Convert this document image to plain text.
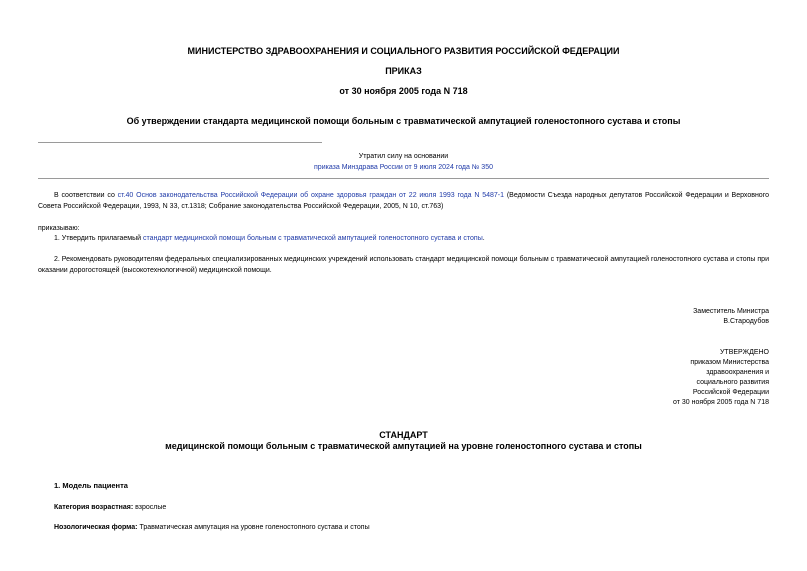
МИНИСТЕРСТВО ЗДРАВООХРАНЕНИЯ И СОЦИАЛЬНОГО РАЗВИТИЯ РОССИЙСКОЙ ФЕДЕРАЦИИ
ПРИКАЗ
от 30 ноября 2005 года N 718
Об утверждении стандарта медицинской помощи больным с травматической ампутацией голеностопного сустава и стопы
Утратил силу на основании
приказа Минздрава России от 9 июля 2024 года № 350
В соответствии со ст.40 Основ законодательства Российской Федерации об охране здоровья граждан от 22 июля 1993 года N 5487-1 (Ведомости Съезда народных депутатов Российской Федерации и Верховного Совета Российской Федерации, 1993, N 33, ст.1318; Собрание законодательства Российской Федерации, 2005, N 10, ст.763)
приказываю:
1. Утвердить прилагаемый стандарт медицинской помощи больным с травматической ампутацией голеностопного сустава и стопы.
2. Рекомендовать руководителям федеральных специализированных медицинских учреждений использовать стандарт медицинской помощи больным с травматической ампутацией голеностопного сустава и стопы при оказании дорогостоящей (высокотехнологичной) медицинской помощи.
Заместитель Министра
В.Стародубов
УТВЕРЖДЕНО
приказом Министерства
здравоохранения и
социального развития
Российской Федерации
от 30 ноября 2005 года N 718
СТАНДАРТ
медицинской помощи больным с травматической ампутацией на уровне голеностопного сустава и стопы
1. Модель пациента
Категория возрастная: взрослые
Нозологическая форма: Травматическая ампутация на уровне голеностопного сустава и стопы
